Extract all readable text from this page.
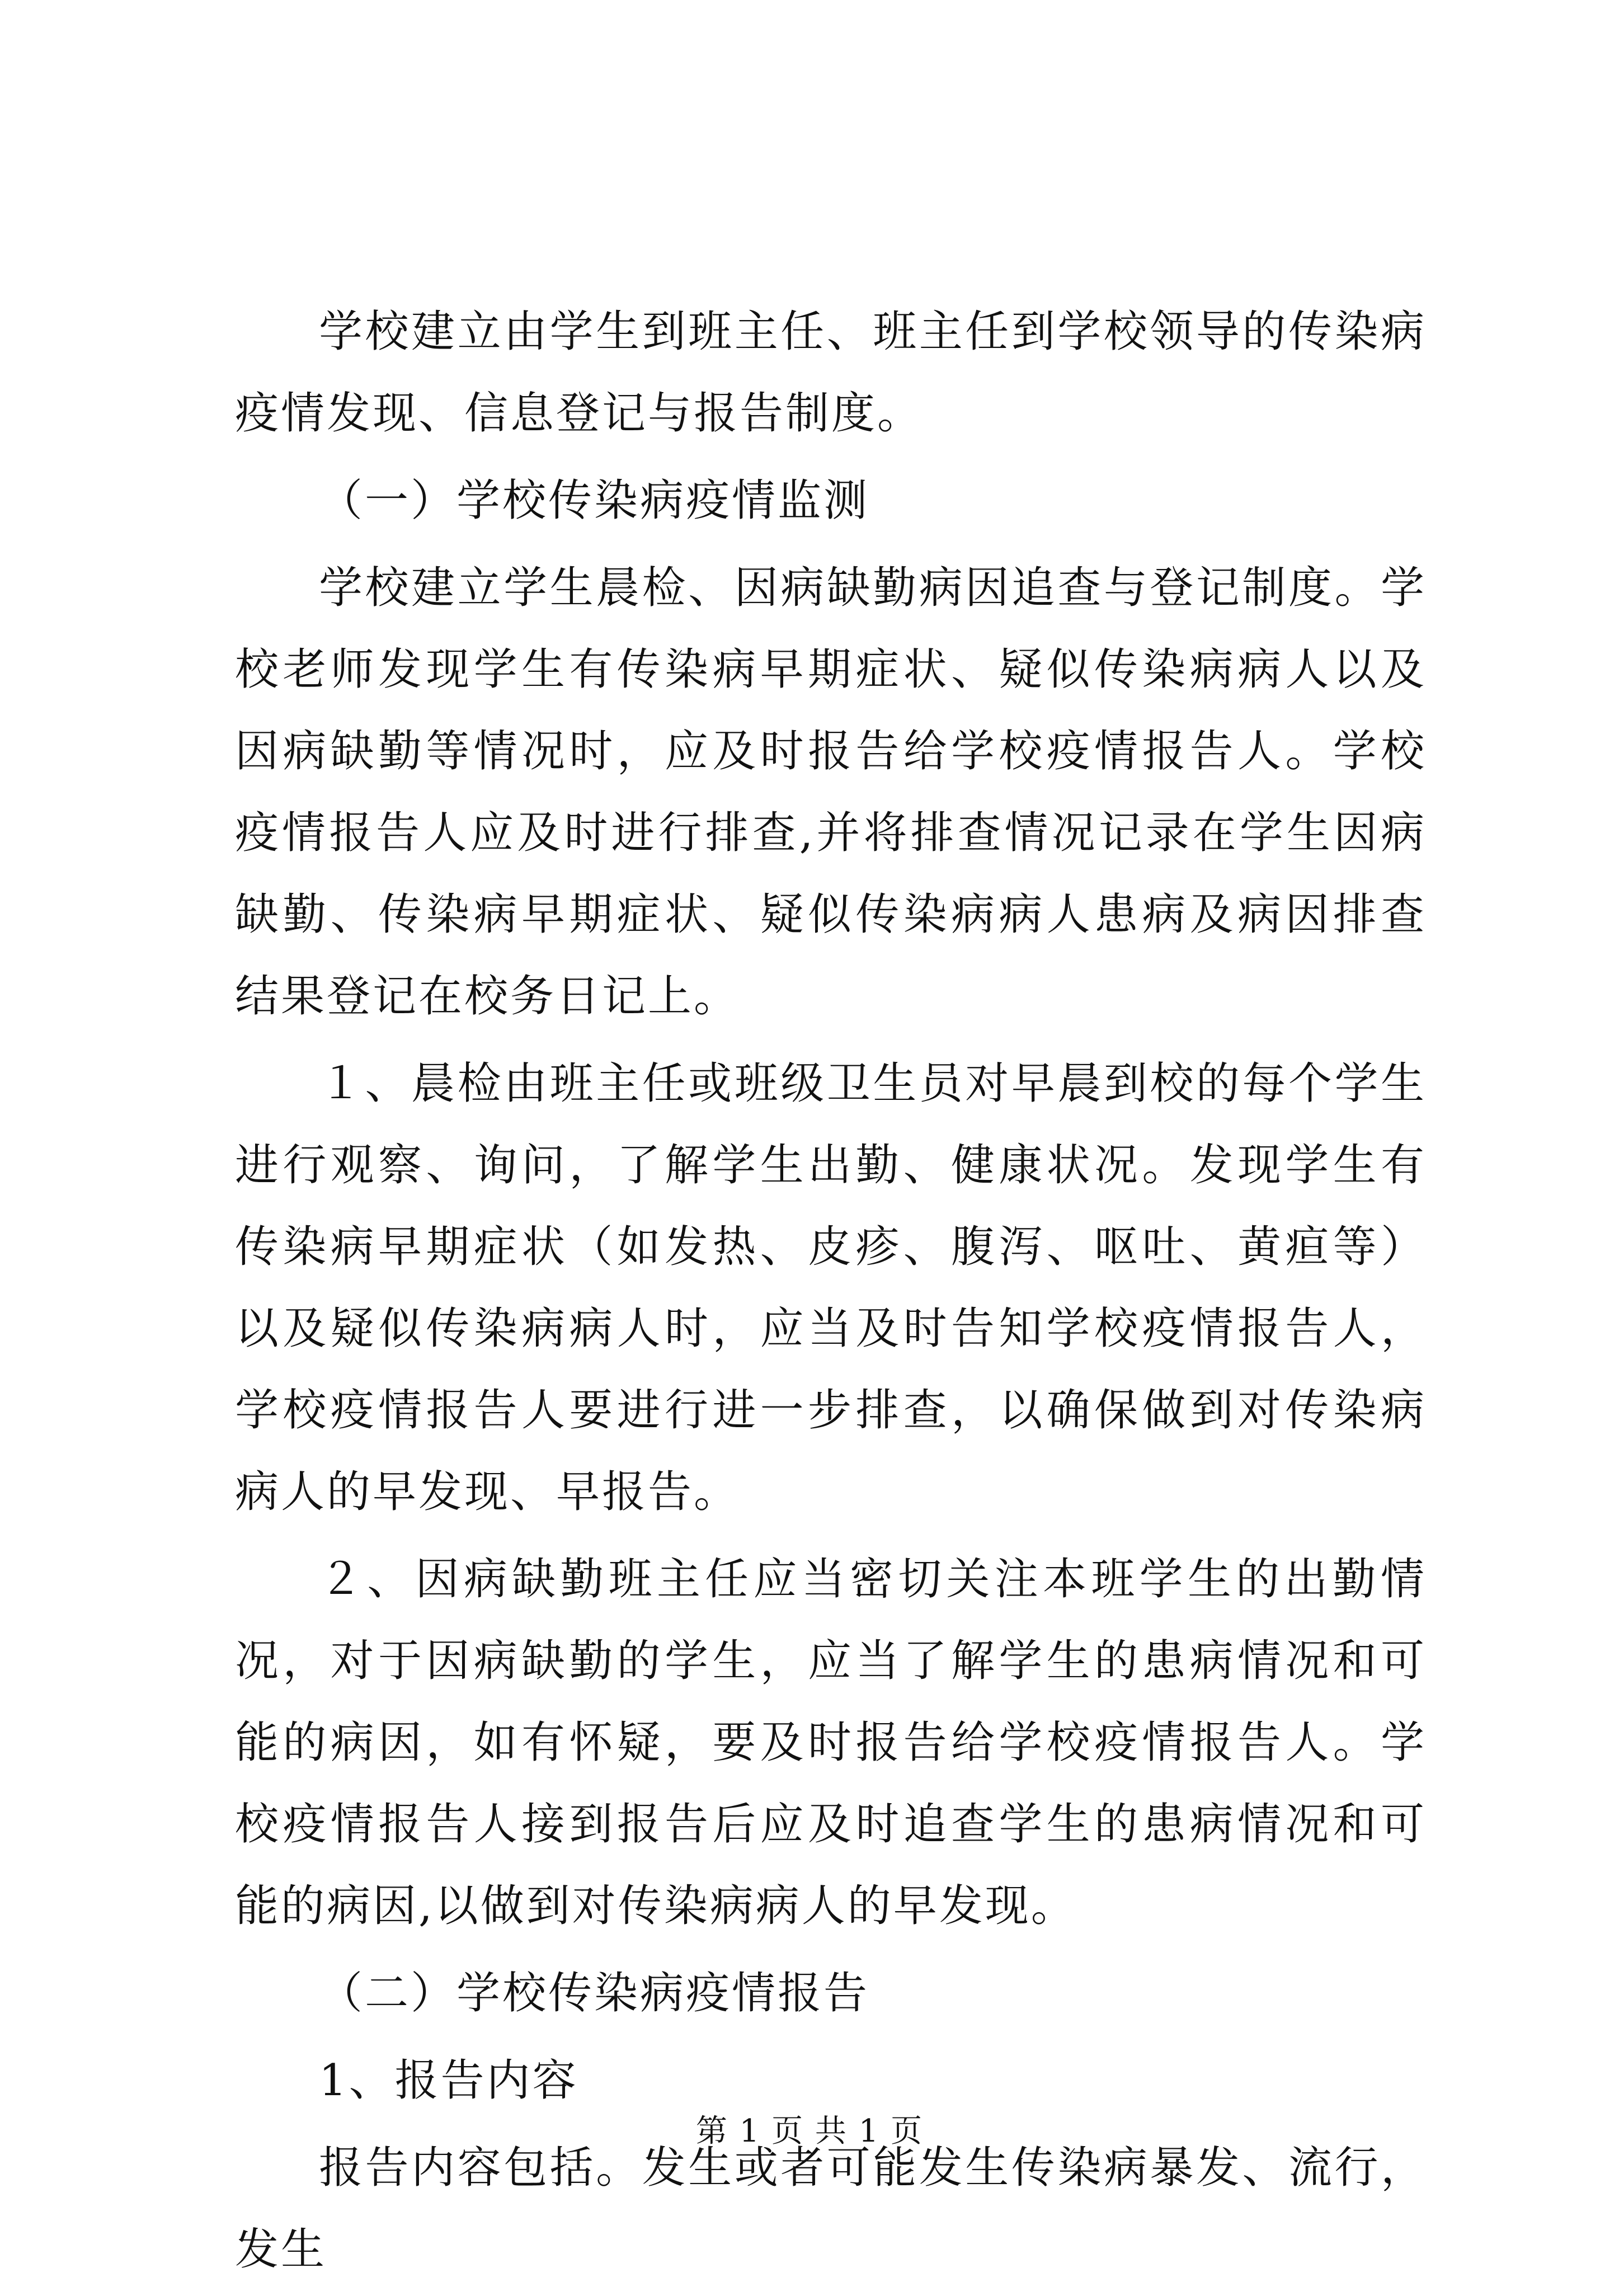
学校建立由学生到班主任、班主任到学校领导的传染病疫情发现、信息登记与报告制度。

（一）学校传染病疫情监测

学校建立学生晨检、因病缺勤病因追查与登记制度。学校老师发现学生有传染病早期症状、疑似传染病病人以及因病缺勤等情况时，应及时报告给学校疫情报告人。学校疫情报告人应及时进行排查,并将排查情况记录在学生因病缺勤、传染病早期症状、疑似传染病病人患病及病因排查结果登记在校务日记上。

１、晨检由班主任或班级卫生员对早晨到校的每个学生进行观察、询问，了解学生出勤、健康状况。发现学生有传染病早期症状（如发热、皮疹、腹泻、呕吐、黄疸等）以及疑似传染病病人时，应当及时告知学校疫情报告人，学校疫情报告人要进行进一步排查，以确保做到对传染病病人的早发现、早报告。

２、因病缺勤班主任应当密切关注本班学生的出勤情况，对于因病缺勤的学生，应当了解学生的患病情况和可能的病因，如有怀疑，要及时报告给学校疫情报告人。学校疫情报告人接到报告后应及时追查学生的患病情况和可能的病因,以做到对传染病病人的早发现。

（二）学校传染病疫情报告

1、报告内容

报告内容包括。发生或者可能发生传染病暴发、流行，发生

第 1 页 共 1 页
